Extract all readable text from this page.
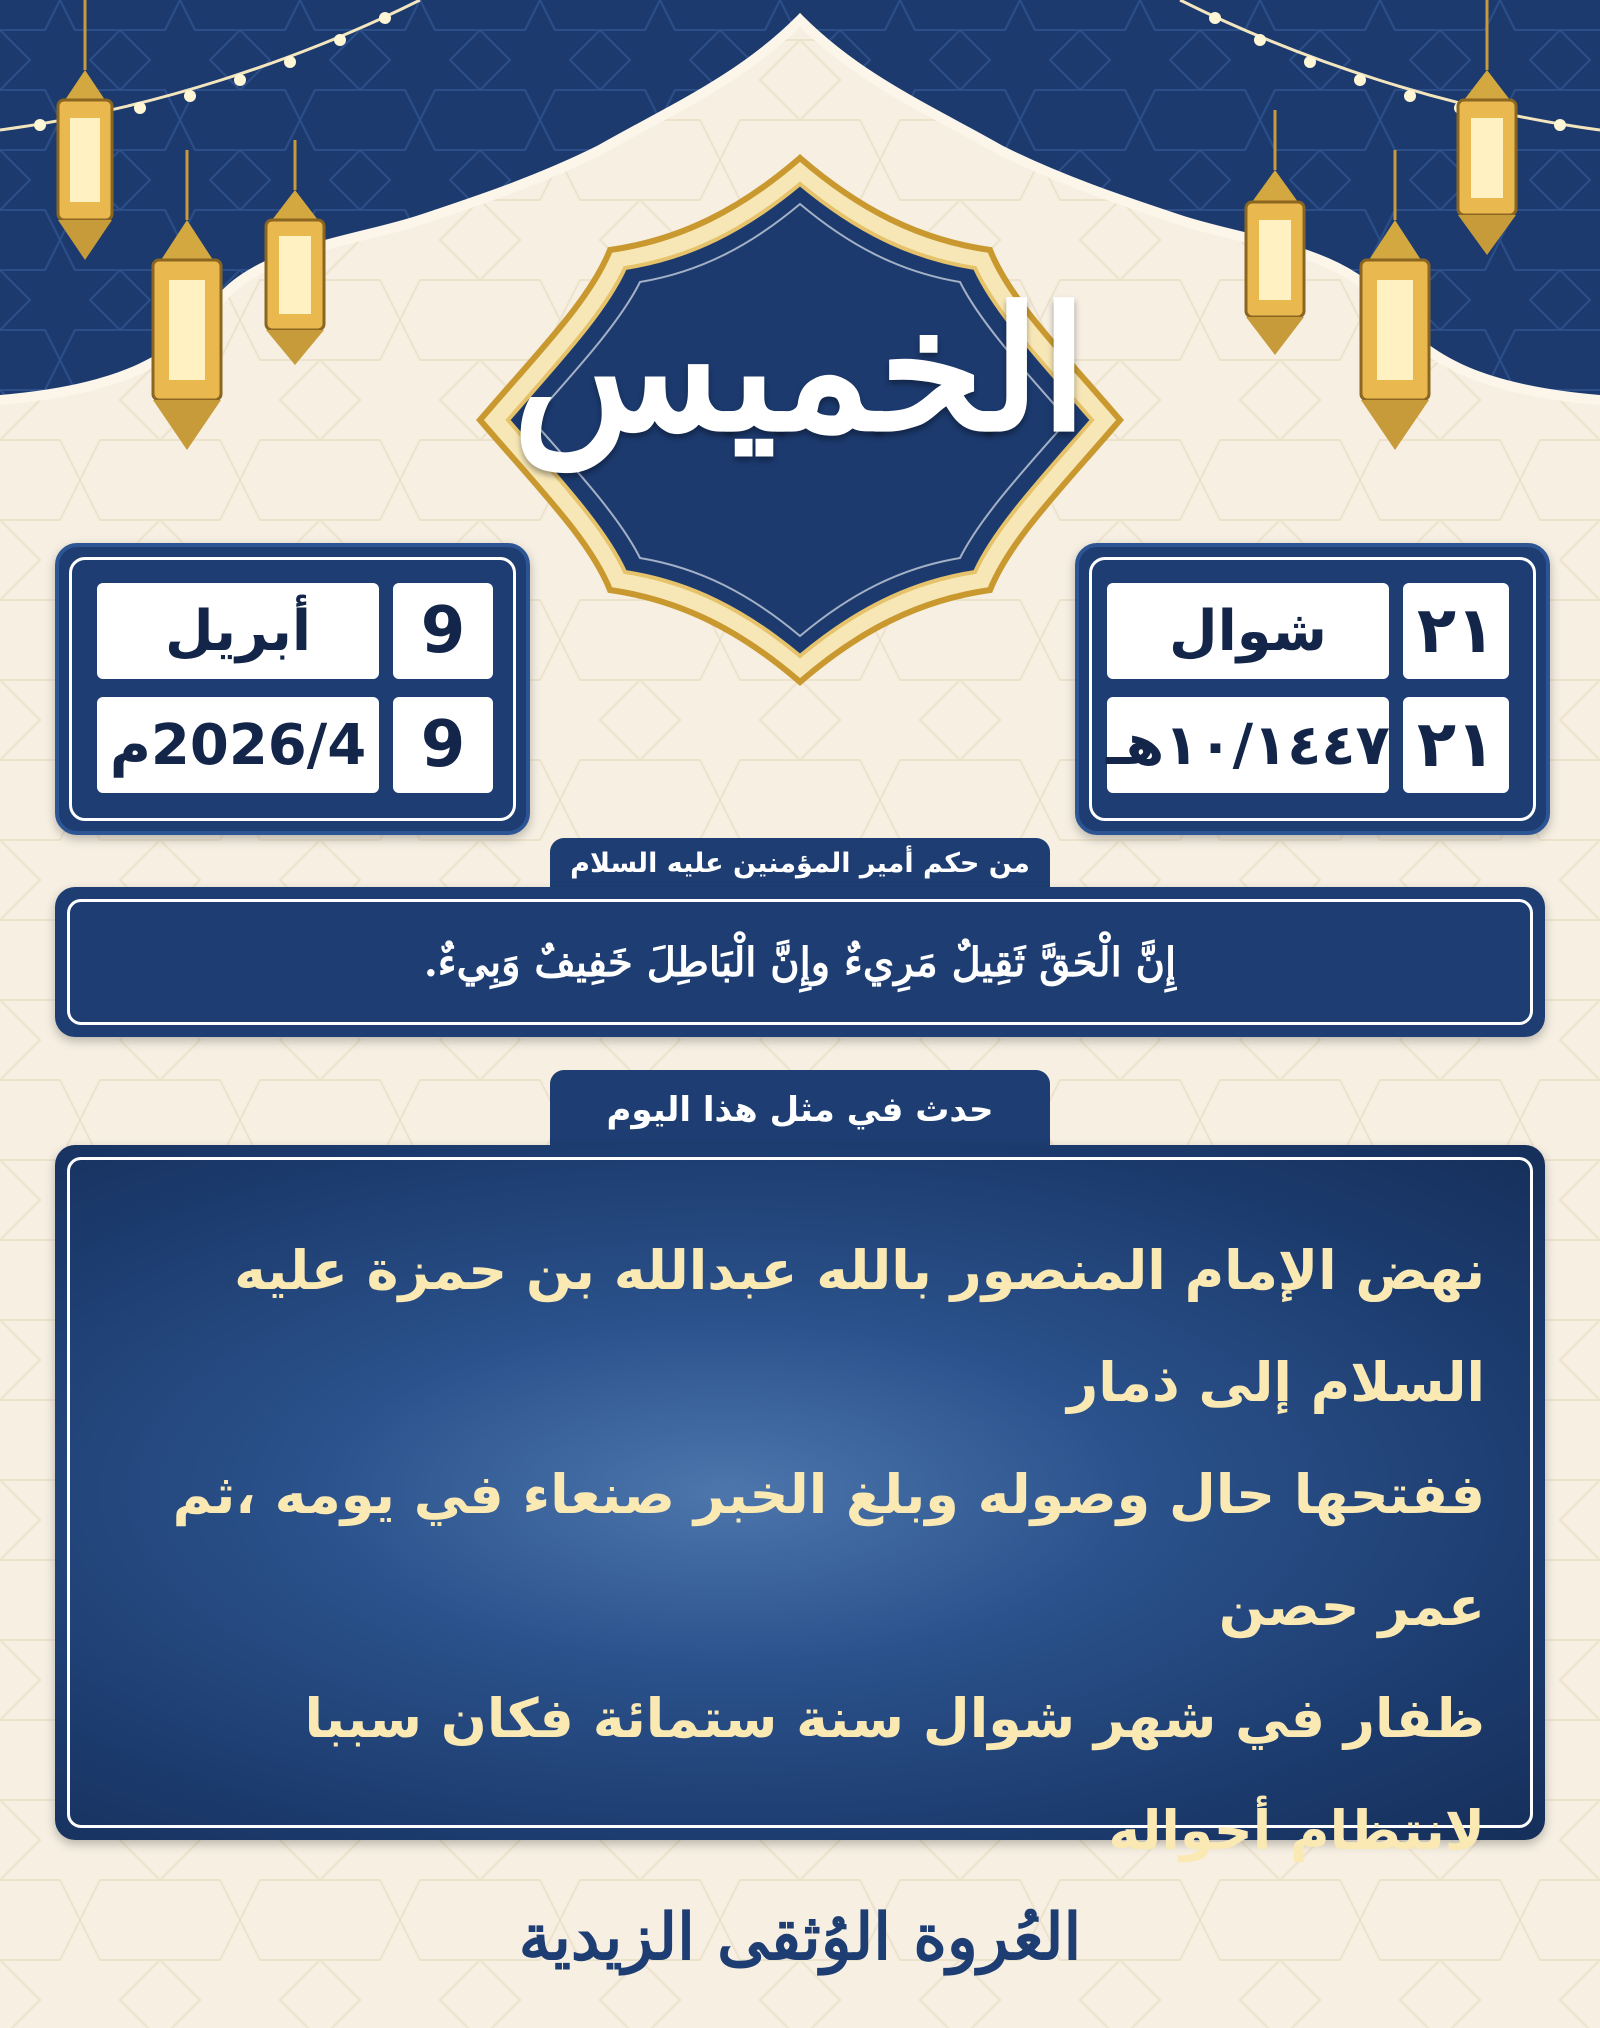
الخميس
٢١
شوال
٢١
١٠/١٤٤٧هـ
9
أبريل
9
2026/4م
من حكم أمير المؤمنين عليه السلام
إِنَّ الْحَقَّ ثَقِيلٌ مَرِيءٌ وإِنَّ الْبَاطِلَ خَفِيفٌ وَبِيءٌ.
حدث في مثل هذا اليوم
نهض الإمام المنصور بالله عبدالله بن حمزة عليه السلام إلى ذمار
ففتحها حال وصوله وبلغ الخبر صنعاء في يومه ،ثم عمر حصن
ظفار في شهر شوال سنة ستمائة فكان سببا لانتظام أحواله
العُروة الوُثقى الزيدية
